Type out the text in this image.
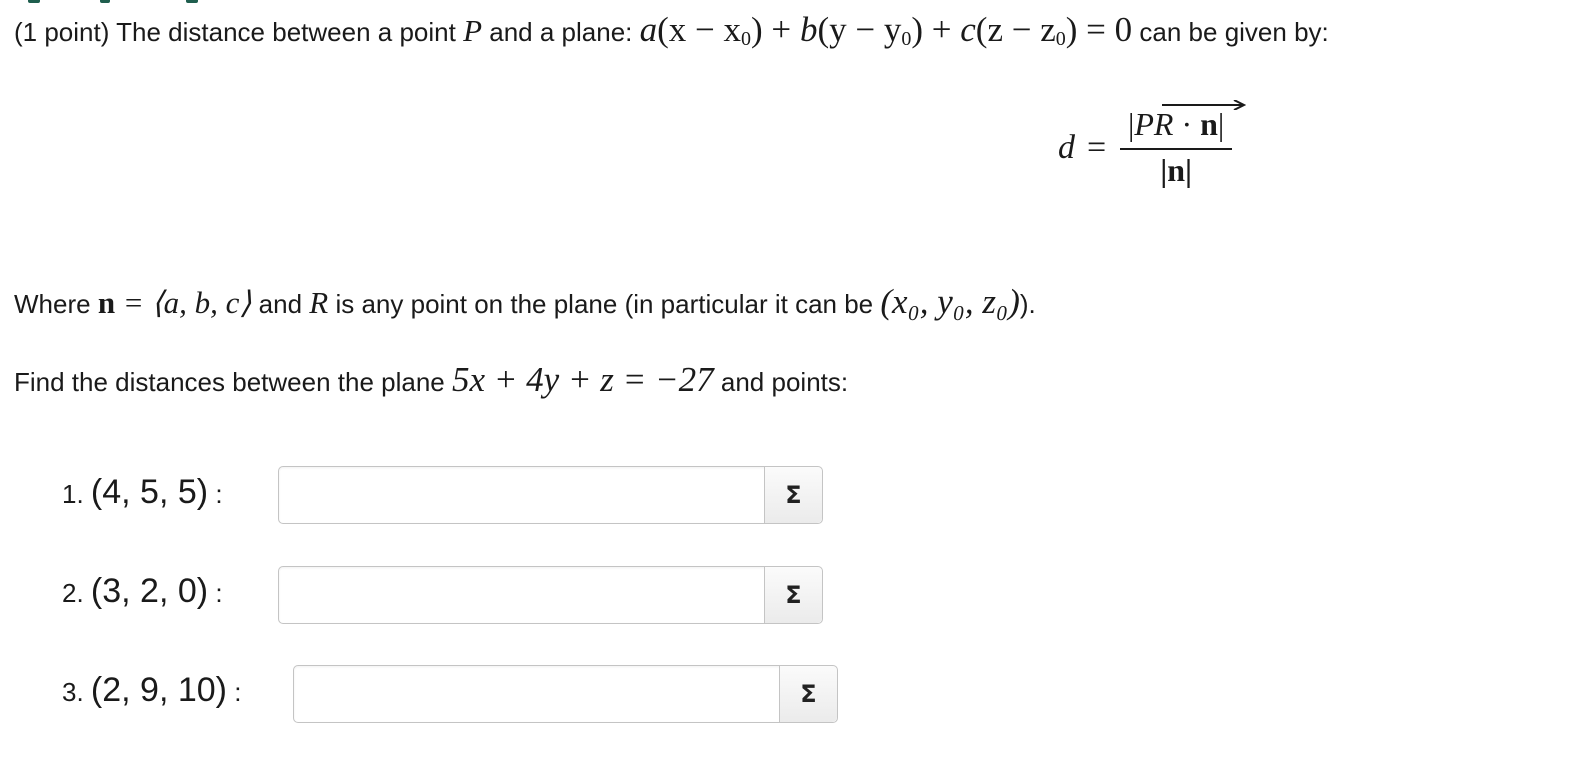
(1 point) The distance between a point P and a plane: $a(x - x_0) + b(y - y_0) + c(z - z_0) = 0$ can be given by:
$d = \frac{|PR \cdot n|}{|n|}$
Where n = ⟨a, b, c⟩ and R is any point on the plane (in particular it can be (x₀, y₀, z₀)).
Find the distances between the plane 5x + 4y + z = −27 and points:
1. (4, 5, 5) :	Σ
2. (3, 2, 0) :	Σ
3. (2, 9, 10) :	Σ
